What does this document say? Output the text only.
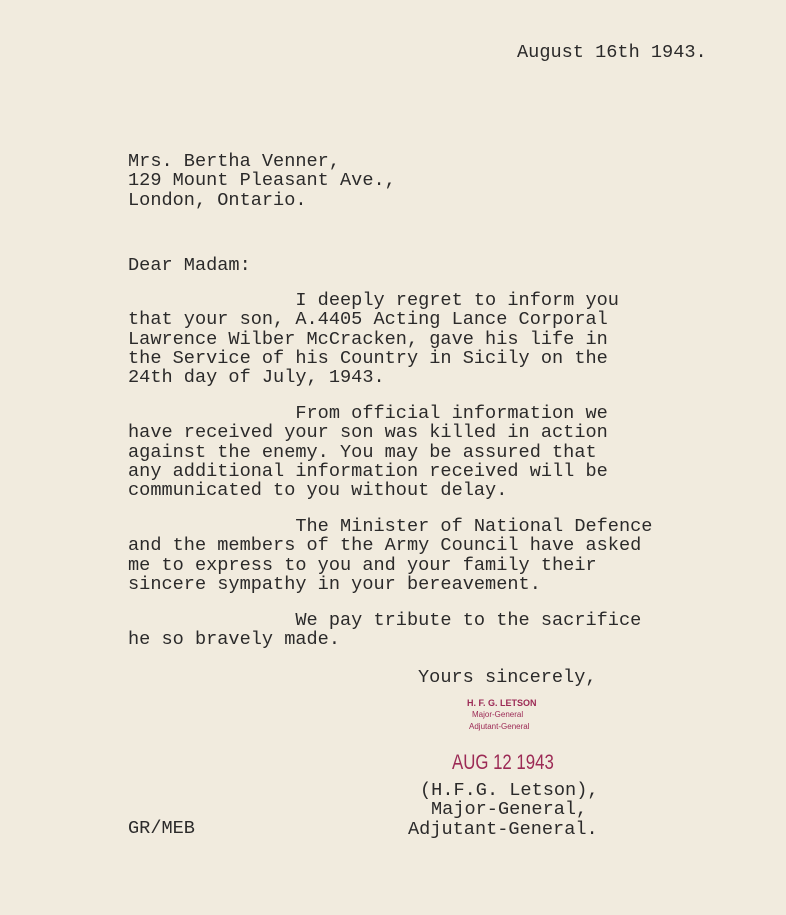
August 16th 1943.
Mrs. Bertha Venner,
129 Mount Pleasant Ave.,
London, Ontario.
Dear Madam:
I deeply regret to inform you
that your son, A.4405 Acting Lance Corporal
Lawrence Wilber McCracken, gave his life in
the Service of his Country in Sicily on the
24th day of July, 1943.
From official information we
have received your son was killed in action
against the enemy. You may be assured that
any additional information received will be
communicated to you without delay.
The Minister of National Defence
and the members of the Army Council have asked
me to express to you and your family their
sincere sympathy in your bereavement.
We pay tribute to the sacrifice
he so bravely made.
Yours sincerely,
H. F. G. LETSON
Major-General
Adjutant-General
AUG 12 1943
(H.F.G. Letson),
Major-General,
Adjutant-General.
GR/MEB
